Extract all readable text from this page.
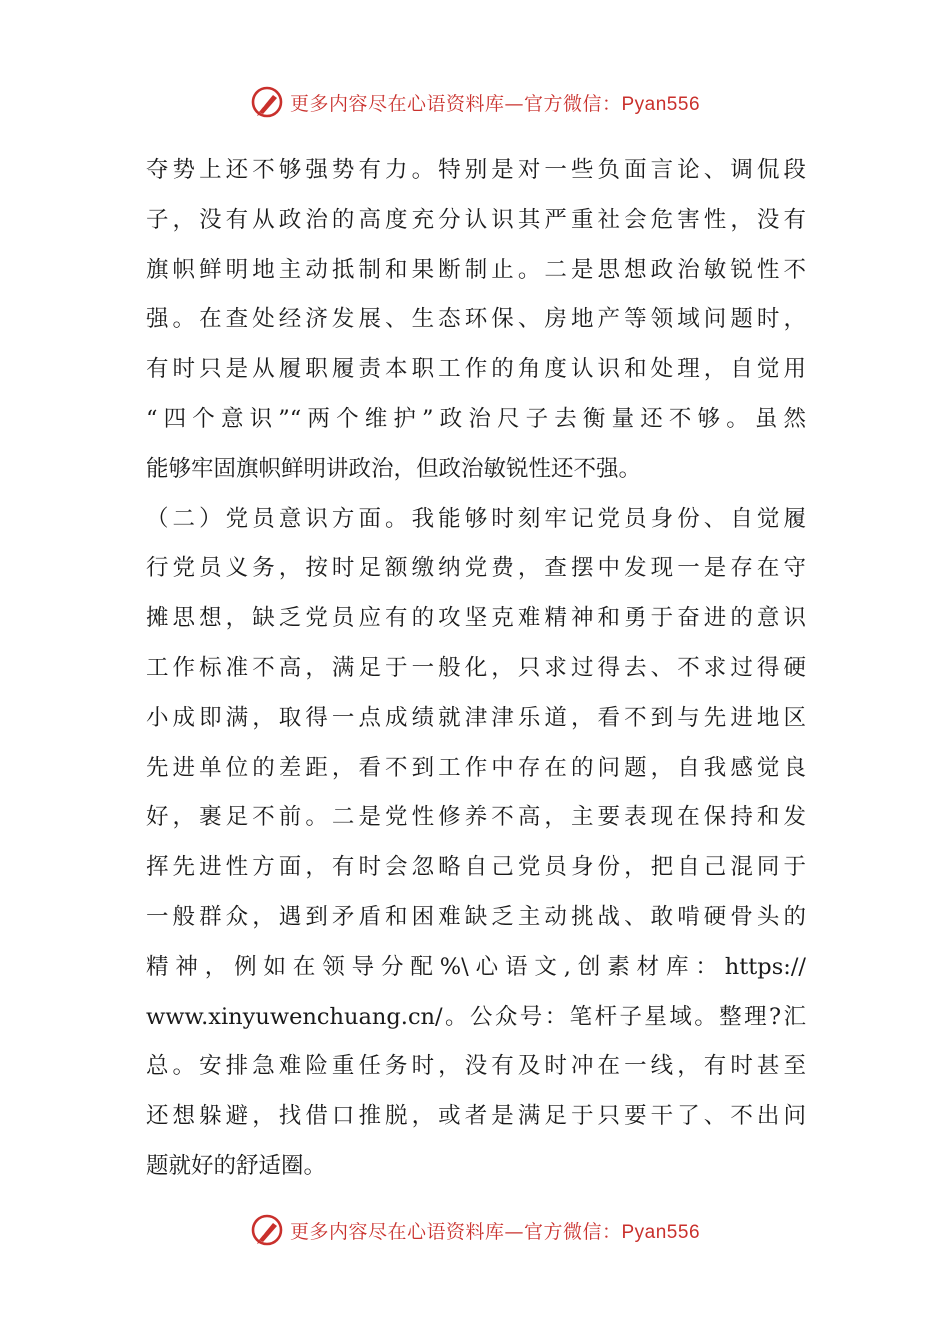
更多内容尽在心语资料库—官方微信：Pyan556
夺势上还不够强势有力。特别是对一些负面言论、调侃段
子，没有从政治的高度充分认识其严重社会危害性，没有
旗帜鲜明地主动抵制和果断制止。二是思想政治敏锐性不
强。在查处经济发展、生态环保、房地产等领域问题时，
有时只是从履职履责本职工作的角度认识和处理，自觉用
“四个意识”“两个维护”政治尺子去衡量还不够。虽然
能够牢固旗帜鲜明讲政治，但政治敏锐性还不强。
（二）党员意识方面。我能够时刻牢记党员身份、自觉履
行党员义务，按时足额缴纳党费，查摆中发现一是存在守
摊思想，缺乏党员应有的攻坚克难精神和勇于奋进的意识
工作标准不高，满足于一般化，只求过得去、不求过得硬
小成即满，取得一点成绩就津津乐道，看不到与先进地区
先进单位的差距，看不到工作中存在的问题，自我感觉良
好，裹足不前。二是党性修养不高，主要表现在保持和发
挥先进性方面，有时会忽略自己党员身份，把自己混同于
一般群众，遇到矛盾和困难缺乏主动挑战、敢啃硬骨头的
精神，例如在领导分配%\心语文,创素材库：https://
www.xinyuwenchuang.cn/。公众号：笔杆子星域。整理?汇
总。安排急难险重任务时，没有及时冲在一线，有时甚至
还想躲避，找借口推脱，或者是满足于只要干了、不出问
题就好的舒适圈。
更多内容尽在心语资料库—官方微信：Pyan556
